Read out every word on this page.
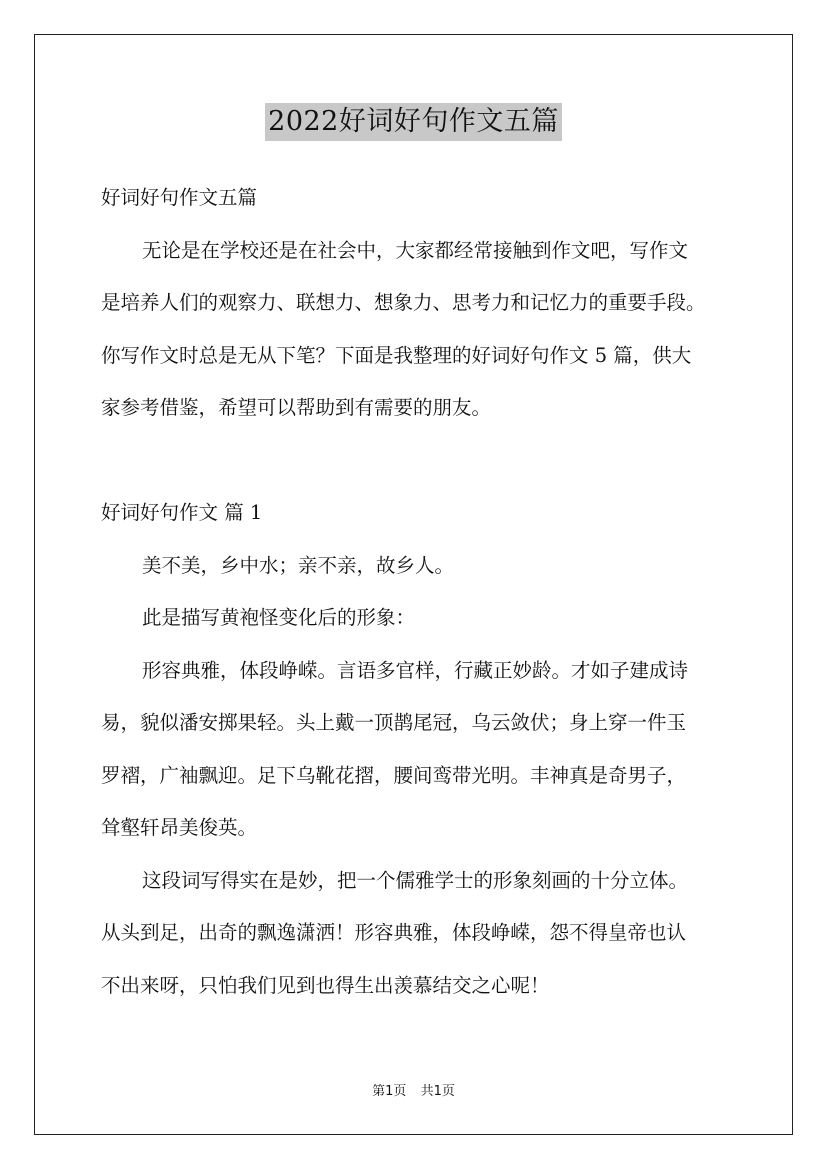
2022好词好句作文五篇
好词好句作文五篇
无论是在学校还是在社会中，大家都经常接触到作文吧，写作文
是培养人们的观察力、联想力、想象力、思考力和记忆力的重要手段。
你写作文时总是无从下笔？下面是我整理的好词好句作文 5 篇，供大
家参考借鉴，希望可以帮助到有需要的朋友。
好词好句作文 篇 1
美不美，乡中水；亲不亲，故乡人。
此是描写黄袍怪变化后的形象：
形容典雅，体段峥嵘。言语多官样，行藏正妙龄。才如子建成诗
易，貌似潘安掷果轻。头上戴一顶鹊尾冠，乌云敛伏；身上穿一件玉
罗褶，广袖飘迎。足下乌靴花摺，腰间鸾带光明。丰神真是奇男子，
耸壑轩昂美俊英。
这段词写得实在是妙，把一个儒雅学士的形象刻画的十分立体。
从头到足，出奇的飘逸潇洒！形容典雅，体段峥嵘，怨不得皇帝也认
不出来呀，只怕我们见到也得生出羡慕结交之心呢！
第1页 共1页
